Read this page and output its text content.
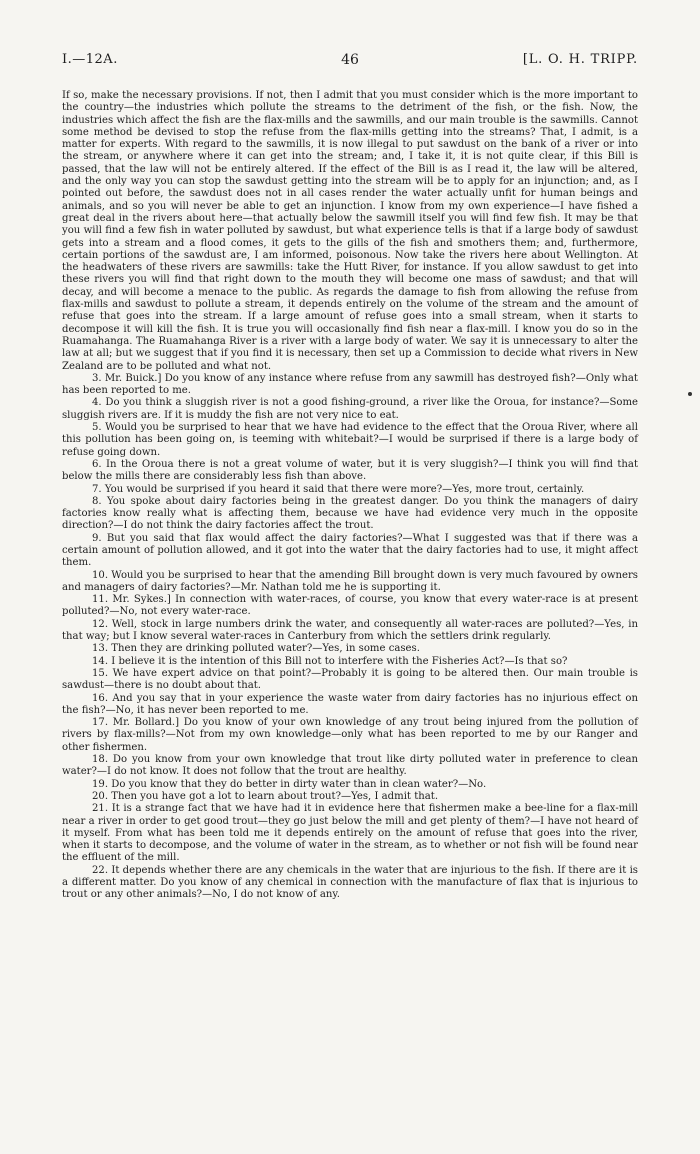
I.—12A.	46	[L. O. H. TRIPP.

If so, make the necessary provisions. If not, then I admit that you must consider which is the more important to the country—the industries which pollute the streams to the detriment of the fish, or the fish. Now, the industries which affect the fish are the flax-mills and the sawmills, and our main trouble is the sawmills. Cannot some method be devised to stop the refuse from the flax-mills getting into the streams? That, I admit, is a matter for experts. With regard to the sawmills, it is now illegal to put sawdust on the bank of a river or into the stream, or anywhere where it can get into the stream; and, I take it, it is not quite clear, if this Bill is passed, that the law will not be entirely altered. If the effect of the Bill is as I read it, the law will be altered, and the only way you can stop the sawdust getting into the stream will be to apply for an injunction; and, as I pointed out before, the sawdust does not in all cases render the water actually unfit for human beings and animals, and so you will never be able to get an injunction. I know from my own experience—I have fished a great deal in the rivers about here—that actually below the sawmill itself you will find few fish. It may be that you will find a few fish in water polluted by sawdust, but what experience tells is that if a large body of sawdust gets into a stream and a flood comes, it gets to the gills of the fish and smothers them; and, furthermore, certain portions of the sawdust are, I am informed, poisonous. Now take the rivers here about Wellington. At the headwaters of these rivers are sawmills: take the Hutt River, for instance. If you allow sawdust to get into these rivers you will find that right down to the mouth they will become one mass of sawdust; and that will decay, and will become a menace to the public. As regards the damage to fish from allowing the refuse from flax-mills and sawdust to pollute a stream, it depends entirely on the volume of the stream and the amount of refuse that goes into the stream. If a large amount of refuse goes into a small stream, when it starts to decompose it will kill the fish. It is true you will occasionally find fish near a flax-mill. I know you do so in the Ruamahanga. The Ruamahanga River is a river with a large body of water. We say it is unnecessary to alter the law at all; but we suggest that if you find it is necessary, then set up a Commission to decide what rivers in New Zealand are to be polluted and what not.

3. Mr. Buick.] Do you know of any instance where refuse from any sawmill has destroyed fish?—Only what has been reported to me.

4. Do you think a sluggish river is not a good fishing-ground, a river like the Oroua, for instance?—Some sluggish rivers are. If it is muddy the fish are not very nice to eat.

5. Would you be surprised to hear that we have had evidence to the effect that the Oroua River, where all this pollution has been going on, is teeming with whitebait?—I would be surprised if there is a large body of refuse going down.

6. In the Oroua there is not a great volume of water, but it is very sluggish?—I think you will find that below the mills there are considerably less fish than above.

7. You would be surprised if you heard it said that there were more?—Yes, more trout, certainly.

8. You spoke about dairy factories being in the greatest danger. Do you think the managers of dairy factories know really what is affecting them, because we have had evidence very much in the opposite direction?—I do not think the dairy factories affect the trout.

9. But you said that flax would affect the dairy factories?—What I suggested was that if there was a certain amount of pollution allowed, and it got into the water that the dairy factories had to use, it might affect them.

10. Would you be surprised to hear that the amending Bill brought down is very much favoured by owners and managers of dairy factories?—Mr. Nathan told me he is supporting it.

11. Mr. Sykes.] In connection with water-races, of course, you know that every water-race is at present polluted?—No, not every water-race.

12. Well, stock in large numbers drink the water, and consequently all water-races are polluted?—Yes, in that way; but I know several water-races in Canterbury from which the settlers drink regularly.

13. Then they are drinking polluted water?—Yes, in some cases.

14. I believe it is the intention of this Bill not to interfere with the Fisheries Act?—Is that so?

15. We have expert advice on that point?—Probably it is going to be altered then. Our main trouble is sawdust—there is no doubt about that.

16. And you say that in your experience the waste water from dairy factories has no injurious effect on the fish?—No, it has never been reported to me.

17. Mr. Bollard.] Do you know of your own knowledge of any trout being injured from the pollution of rivers by flax-mills?—Not from my own knowledge—only what has been reported to me by our Ranger and other fishermen.

18. Do you know from your own knowledge that trout like dirty polluted water in preference to clean water?—I do not know. It does not follow that the trout are healthy.

19. Do you know that they do better in dirty water than in clean water?—No.

20. Then you have got a lot to learn about trout?—Yes, I admit that.

21. It is a strange fact that we have had it in evidence here that fishermen make a bee-line for a flax-mill near a river in order to get good trout—they go just below the mill and get plenty of them?—I have not heard of it myself. From what has been told me it depends entirely on the amount of refuse that goes into the river, when it starts to decompose, and the volume of water in the stream, as to whether or not fish will be found near the effluent of the mill.

22. It depends whether there are any chemicals in the water that are injurious to the fish. If there are it is a different matter. Do you know of any chemical in connection with the manufacture of flax that is injurious to trout or any other animals?—No, I do not know of any.
